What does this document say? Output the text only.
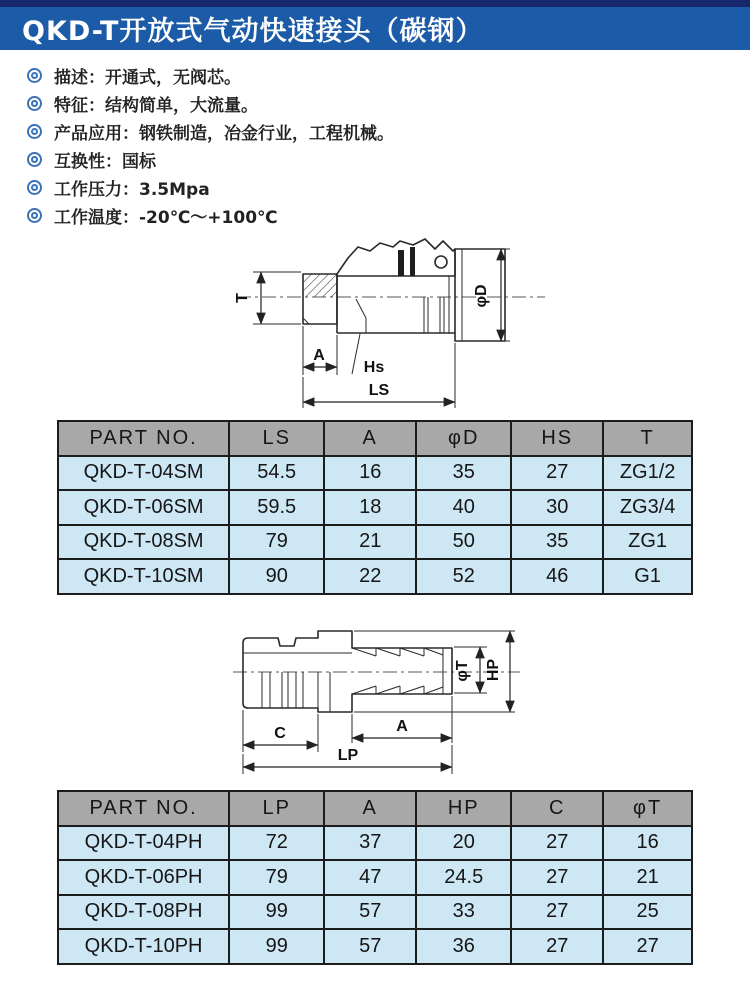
QKD-T开放式气动快速接头（碳钢）
描述：开通式，无阀芯。
特征：结构简单，大流量。
产品应用：钢铁制造，冶金行业，工程机械。
互换性：国标
工作压力：3.5Mpa
工作温度：-20℃～+100℃
T
A
Hs
LS
φD
PART NO.	LS	A	φD	HS	T
QKD-T-04SM	54.5	16	35	27	ZG1/2
QKD-T-06SM	59.5	18	40	30	ZG3/4
QKD-T-08SM	79	21	50	35	ZG1
QKD-T-10SM	90	22	52	46	G1
C	A
LP
φT HP
PART NO.	LP	A	HP	C	φT
QKD-T-04PH	72	37	20	27	16
QKD-T-06PH	79	47	24.5	27	21
QKD-T-08PH	99	57	33	27	25
QKD-T-10PH	99	57	36	27	27
